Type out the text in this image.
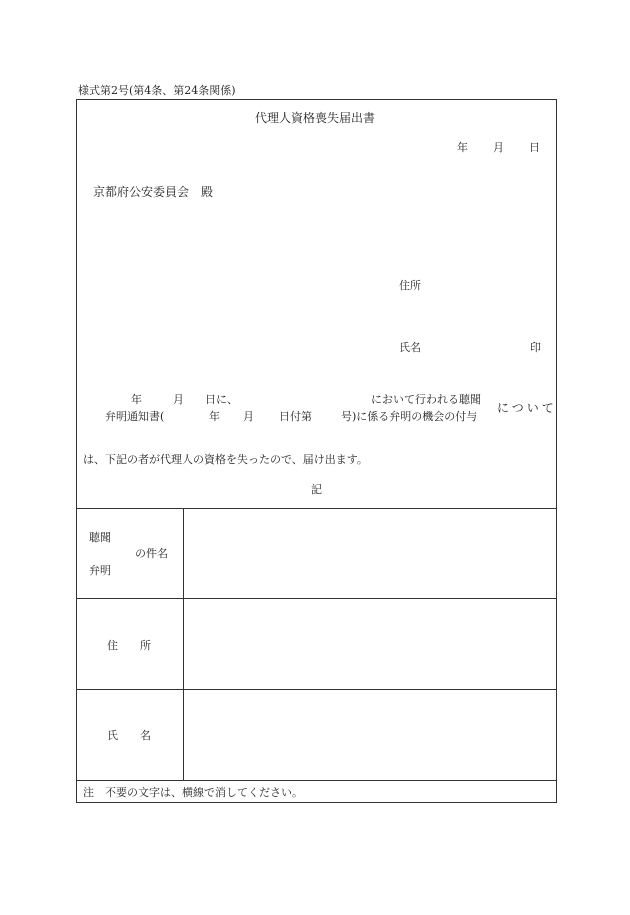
様式第2号(第4条、第24条関係)
代理人資格喪失届出書
年 月 日
京都府公安委員会　殿
住所
氏名	印
年	月 日に、	において行われる聴聞
弁明通知書(	年 月 日付第	号)に係る弁明の機会の付与
について
は、下記の者が代理人の資格を失ったので、届け出ます。
記
聴聞
の件名
弁明
住　　所
氏　　名
注　不要の文字は、横線で消してください。
